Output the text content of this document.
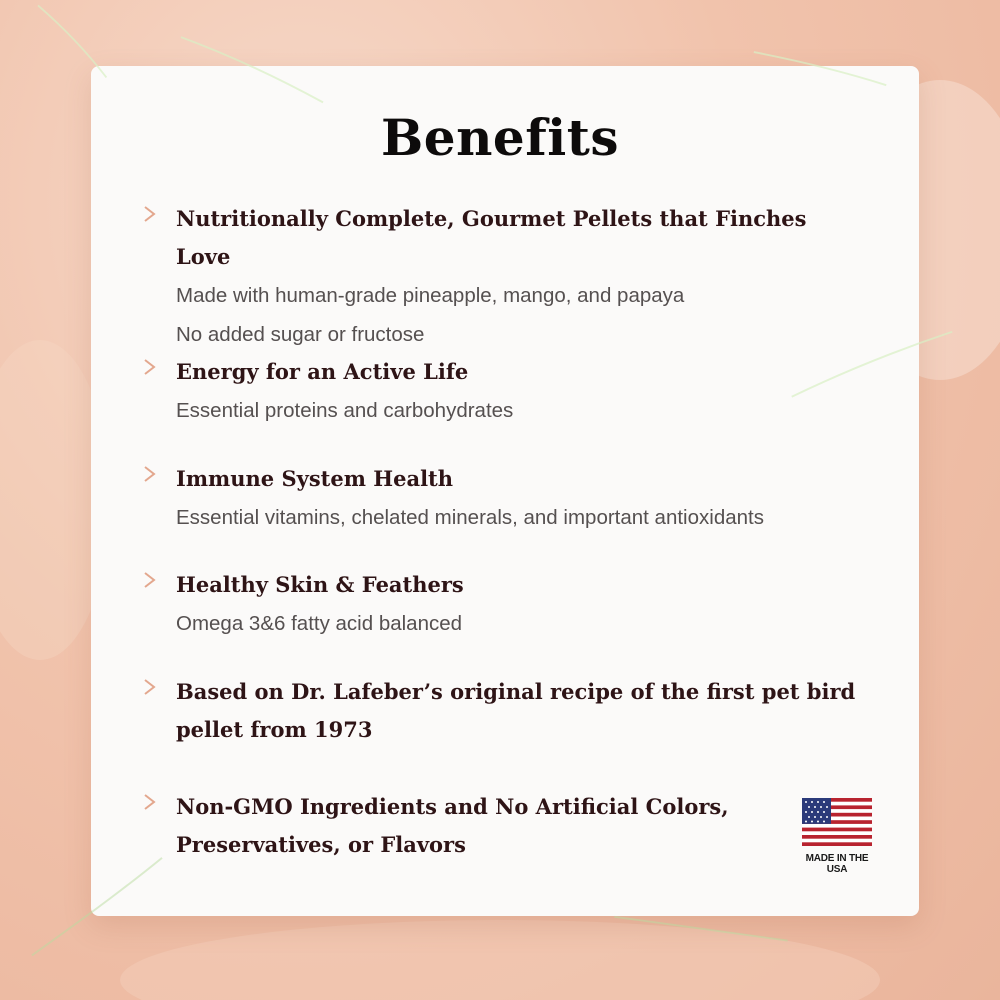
Benefits

Nutritionally Complete, Gourmet Pellets that Finches Love

Made with human-grade pineapple, mango, and papaya

No added sugar or fructose

Energy for an Active Life

Essential proteins and carbohydrates

Immune System Health

Essential vitamins, chelated minerals, and important antioxidants

Healthy Skin & Feathers

Omega 3&6 fatty acid balanced

Based on Dr. Lafeber’s original recipe of the first pet bird

pellet from 1973

Non-GMO Ingredients and No Artificial Colors,

Preservatives, or Flavors

MADE IN THE USA
